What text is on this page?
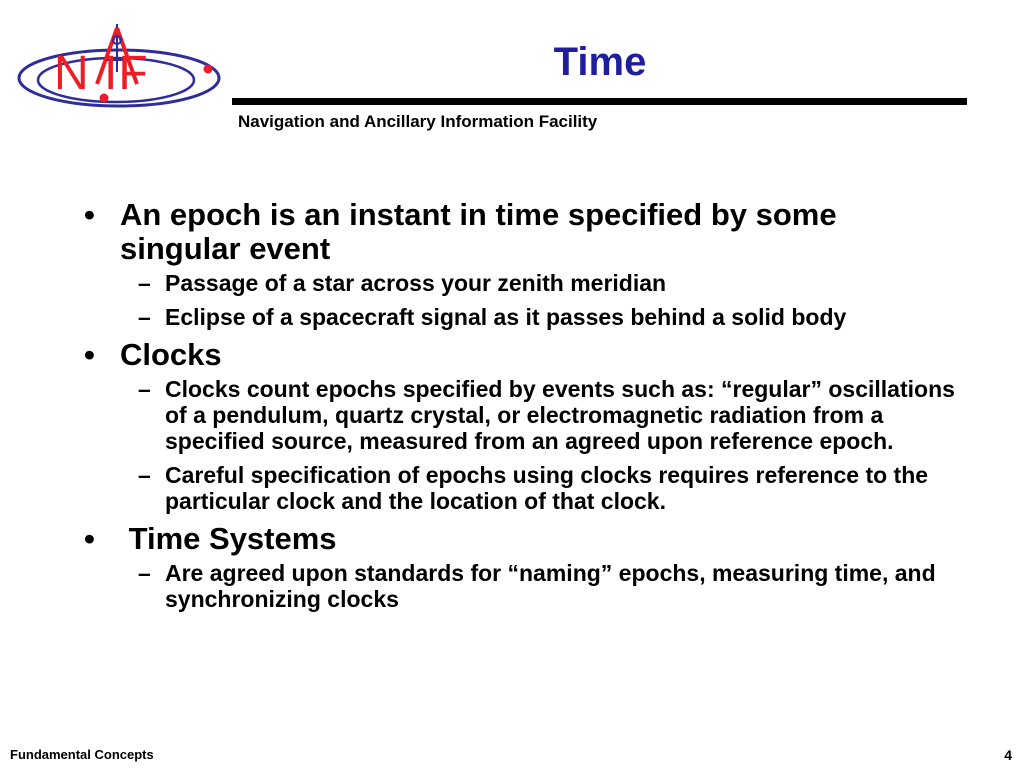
N IF	Time
Navigation and Ancillary Information Facility
• An epoch is an instant in time specified by some singular event
– Passage of a star across your zenith meridian
– Eclipse of a spacecraft signal as it passes behind a solid body
• Clocks
– Clocks count epochs specified by events such as: “regular” oscillations of a pendulum, quartz crystal, or electromagnetic radiation from a specified source, measured from an agreed upon reference epoch.
– Careful specification of epochs using clocks requires reference to the particular clock and the location of that clock.
• Time Systems
– Are agreed upon standards for “naming” epochs, measuring time, and synchronizing clocks
Fundamental Concepts	4
